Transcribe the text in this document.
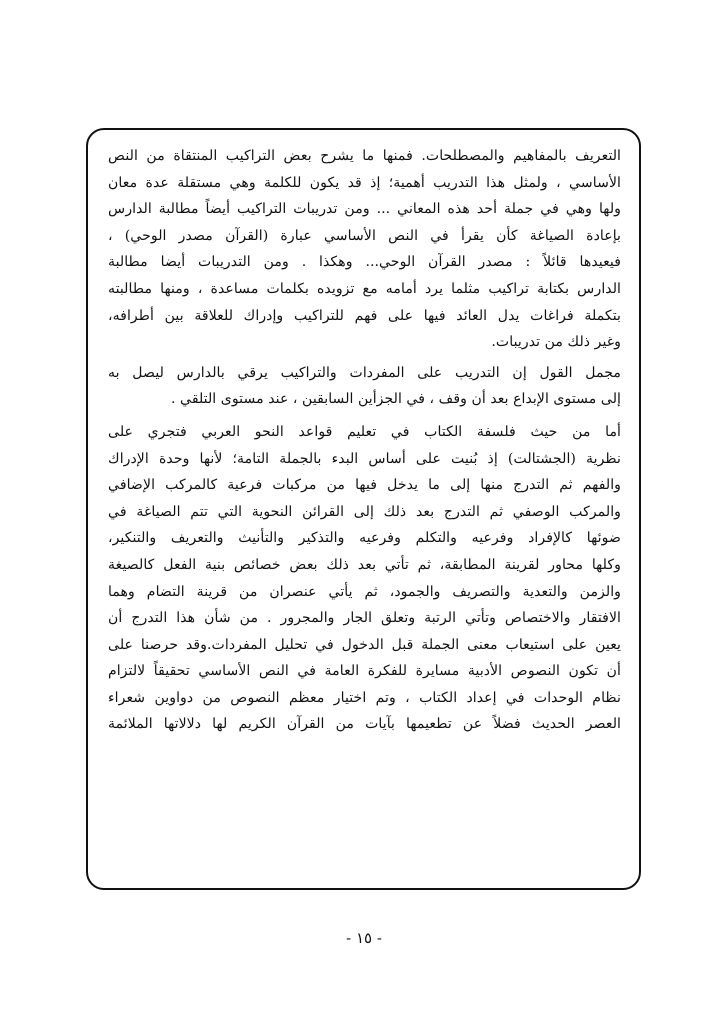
التعريف بالمفاهيم والمصطلحات. فمنها ما يشرح بعض التراكيب المنتقاة من النص
الأساسي ، ولمثل هذا التدريب أهمية؛ إذ قد يكون للكلمة وهي مستقلة عدة معان
ولها وهي في جملة أحد هذه المعاني ... ومن تدريبات التراكيب أيضاً مطالبة الدارس
بإعادة الصياغة كأن يقرأ في النص الأساسي عبارة (القرآن مصدر الوحي) ،
فيعيدها قائلاً : مصدر القرآن الوحي... وهكذا . ومن التدريبات أيضا مطالبة
الدارس بكتابة تراكيب مثلما يرد أمامه مع تزويده بكلمات مساعدة ، ومنها مطالبته
بتكملة فراغات يدل العائد فيها على فهم للتراكيب وإدراك للعلاقة بين أطرافه،
وغير ذلك من تدريبات.
مجمل القول إن التدريب على المفردات والتراكيب يرقي بالدارس ليصل به
إلى مستوى الإبداع بعد أن وقف ، في الجزأين السابقين ، عند مستوى التلقي .
أما من حيث فلسفة الكتاب في تعليم قواعد النحو العربي فتجري على
نظرية (الجشتالت) إذ بُنيت على أساس البدء بالجملة التامة؛ لأنها وحدة الإدراك
والفهم ثم التدرج منها إلى ما يدخل فيها من مركبات فرعية كالمركب الإضافي
والمركب الوصفي ثم التدرج بعد ذلك إلى القرائن النحوية التي تتم الصياغة في
ضوئها كالإفراد وفرعيه والتكلم وفرعيه والتذكير والتأنيث والتعريف والتنكير،
وكلها محاور لقرينة المطابقة، ثم تأتي بعد ذلك بعض خصائص بنية الفعل كالصيغة
والزمن والتعدية والتصريف والجمود، ثم يأتي عنصران من قرينة التضام وهما
الافتقار والاختصاص وتأتي الرتبة وتعلق الجار والمجرور . من شأن هذا التدرج أن
يعين على استيعاب معنى الجملة قبل الدخول في تحليل المفردات.وقد حرصنا على
أن تكون النصوص الأدبية مسايرة للفكرة العامة في النص الأساسي تحقيقاً لالتزام
نظام الوحدات في إعداد الكتاب ، وتم اختيار معظم النصوص من دواوين شعراء
العصر الحديث فضلاً عن تطعيمها بآيات من القرآن الكريم لها دلالاتها الملائمة
- ١٥ -
